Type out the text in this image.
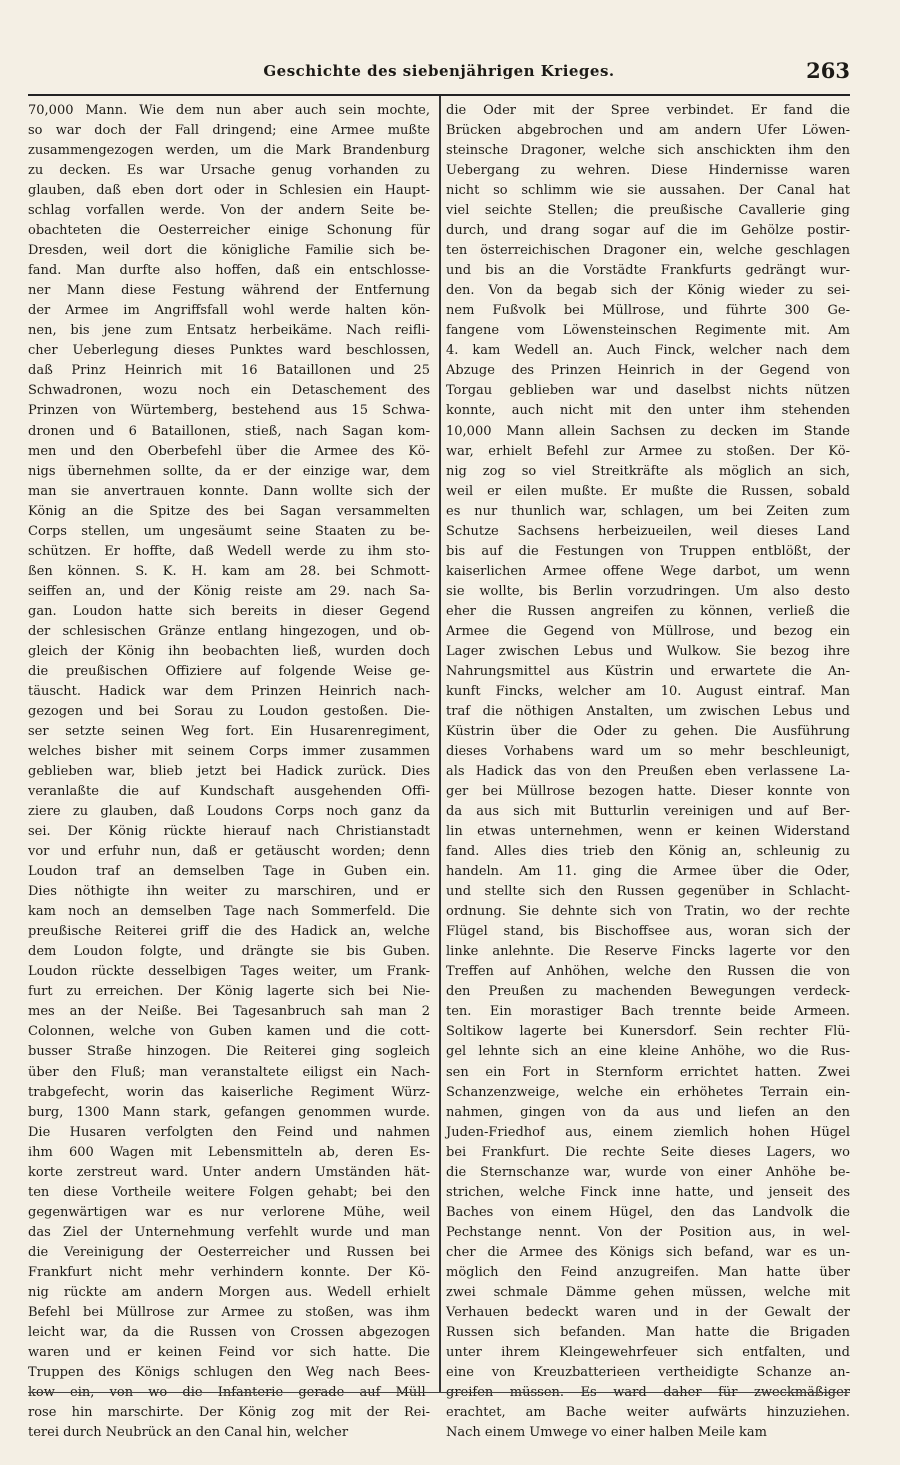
Geschichte des siebenjährigen Krieges.	263
70,000 Mann. Wie dem nun aber auch sein mochte,
so war doch der Fall dringend; eine Armee mußte
zusammengezogen werden, um die Mark Brandenburg
zu decken. Es war Ursache genug vorhanden zu
glauben, daß eben dort oder in Schlesien ein Haupt-
schlag vorfallen werde. Von der andern Seite be-
obachteten die Oesterreicher einige Schonung für
Dresden, weil dort die königliche Familie sich be-
fand. Man durfte also hoffen, daß ein entschlosse-
ner Mann diese Festung während der Entfernung
der Armee im Angriffsfall wohl werde halten kön-
nen, bis jene zum Entsatz herbeikäme. Nach reifli-
cher Ueberlegung dieses Punktes ward beschlossen,
daß Prinz Heinrich mit 16 Bataillonen und 25
Schwadronen, wozu noch ein Detaschement des
Prinzen von Würtemberg, bestehend aus 15 Schwa-
dronen und 6 Bataillonen, stieß, nach Sagan kom-
men und den Oberbefehl über die Armee des Kö-
nigs übernehmen sollte, da er der einzige war, dem
man sie anvertrauen konnte. Dann wollte sich der
König an die Spitze des bei Sagan versammelten
Corps stellen, um ungesäumt seine Staaten zu be-
schützen. Er hoffte, daß Wedell werde zu ihm sto-
ßen können. S. K. H. kam am 28. bei Schmott-
seiffen an, und der König reiste am 29. nach Sa-
gan. Loudon hatte sich bereits in dieser Gegend
der schlesischen Gränze entlang hingezogen, und ob-
gleich der König ihn beobachten ließ, wurden doch
die preußischen Offiziere auf folgende Weise ge-
täuscht. Hadick war dem Prinzen Heinrich nach-
gezogen und bei Sorau zu Loudon gestoßen. Die-
ser setzte seinen Weg fort. Ein Husarenregiment,
welches bisher mit seinem Corps immer zusammen
geblieben war, blieb jetzt bei Hadick zurück. Dies
veranlaßte die auf Kundschaft ausgehenden Offi-
ziere zu glauben, daß Loudons Corps noch ganz da
sei. Der König rückte hierauf nach Christianstadt
vor und erfuhr nun, daß er getäuscht worden; denn
Loudon traf an demselben Tage in Guben ein.
Dies nöthigte ihn weiter zu marschiren, und er
kam noch an demselben Tage nach Sommerfeld. Die
preußische Reiterei griff die des Hadick an, welche
dem Loudon folgte, und drängte sie bis Guben.
Loudon rückte desselbigen Tages weiter, um Frank-
furt zu erreichen. Der König lagerte sich bei Nie-
mes an der Neiße. Bei Tagesanbruch sah man 2
Colonnen, welche von Guben kamen und die cott-
busser Straße hinzogen. Die Reiterei ging sogleich
über den Fluß; man veranstaltete eiligst ein Nach-
trabgefecht, worin das kaiserliche Regiment Würz-
burg, 1300 Mann stark, gefangen genommen wurde.
Die Husaren verfolgten den Feind und nahmen
ihm 600 Wagen mit Lebensmitteln ab, deren Es-
korte zerstreut ward. Unter andern Umständen hät-
ten diese Vortheile weitere Folgen gehabt; bei den
gegenwärtigen war es nur verlorene Mühe, weil
das Ziel der Unternehmung verfehlt wurde und man
die Vereinigung der Oesterreicher und Russen bei
Frankfurt nicht mehr verhindern konnte. Der Kö-
nig rückte am andern Morgen aus. Wedell erhielt
Befehl bei Müllrose zur Armee zu stoßen, was ihm
leicht war, da die Russen von Crossen abgezogen
waren und er keinen Feind vor sich hatte. Die
Truppen des Königs schlugen den Weg nach Bees-
kow ein, von wo die Infanterie gerade auf Müll-
rose hin marschirte. Der König zog mit der Rei-
terei durch Neubrück an den Canal hin, welcher
die Oder mit der Spree verbindet. Er fand die
Brücken abgebrochen und am andern Ufer Löwen-
steinsche Dragoner, welche sich anschickten ihm den
Uebergang zu wehren. Diese Hindernisse waren
nicht so schlimm wie sie aussahen. Der Canal hat
viel seichte Stellen; die preußische Cavallerie ging
durch, und drang sogar auf die im Gehölze postir-
ten österreichischen Dragoner ein, welche geschlagen
und bis an die Vorstädte Frankfurts gedrängt wur-
den. Von da begab sich der König wieder zu sei-
nem Fußvolk bei Müllrose, und führte 300 Ge-
fangene vom Löwensteinschen Regimente mit. Am
4. kam Wedell an. Auch Finck, welcher nach dem
Abzuge des Prinzen Heinrich in der Gegend von
Torgau geblieben war und daselbst nichts nützen
konnte, auch nicht mit den unter ihm stehenden
10,000 Mann allein Sachsen zu decken im Stande
war, erhielt Befehl zur Armee zu stoßen. Der Kö-
nig zog so viel Streitkräfte als möglich an sich,
weil er eilen mußte. Er mußte die Russen, sobald
es nur thunlich war, schlagen, um bei Zeiten zum
Schutze Sachsens herbeizueilen, weil dieses Land
bis auf die Festungen von Truppen entblößt, der
kaiserlichen Armee offene Wege darbot, um wenn
sie wollte, bis Berlin vorzudringen. Um also desto
eher die Russen angreifen zu können, verließ die
Armee die Gegend von Müllrose, und bezog ein
Lager zwischen Lebus und Wulkow. Sie bezog ihre
Nahrungsmittel aus Küstrin und erwartete die An-
kunft Fincks, welcher am 10. August eintraf. Man
traf die nöthigen Anstalten, um zwischen Lebus und
Küstrin über die Oder zu gehen. Die Ausführung
dieses Vorhabens ward um so mehr beschleunigt,
als Hadick das von den Preußen eben verlassene La-
ger bei Müllrose bezogen hatte. Dieser konnte von
da aus sich mit Butturlin vereinigen und auf Ber-
lin etwas unternehmen, wenn er keinen Widerstand
fand. Alles dies trieb den König an, schleunig zu
handeln. Am 11. ging die Armee über die Oder,
und stellte sich den Russen gegenüber in Schlacht-
ordnung. Sie dehnte sich von Tratin, wo der rechte
Flügel stand, bis Bischoffsee aus, woran sich der
linke anlehnte. Die Reserve Fincks lagerte vor den
Treffen auf Anhöhen, welche den Russen die von
den Preußen zu machenden Bewegungen verdeck-
ten. Ein morastiger Bach trennte beide Armeen.
Soltikow lagerte bei Kunersdorf. Sein rechter Flü-
gel lehnte sich an eine kleine Anhöhe, wo die Rus-
sen ein Fort in Sternform errichtet hatten. Zwei
Schanzenzweige, welche ein erhöhetes Terrain ein-
nahmen, gingen von da aus und liefen an den
Juden-Friedhof aus, einem ziemlich hohen Hügel
bei Frankfurt. Die rechte Seite dieses Lagers, wo
die Sternschanze war, wurde von einer Anhöhe be-
strichen, welche Finck inne hatte, und jenseit des
Baches von einem Hügel, den das Landvolk die
Pechstange nennt. Von der Position aus, in wel-
cher die Armee des Königs sich befand, war es un-
möglich den Feind anzugreifen. Man hatte über
zwei schmale Dämme gehen müssen, welche mit
Verhauen bedeckt waren und in der Gewalt der
Russen sich befanden. Man hatte die Brigaden
unter ihrem Kleingewehrfeuer sich entfalten, und
eine von Kreuzbatterieen vertheidigte Schanze an-
greifen müssen. Es ward daher für zweckmäßiger
erachtet, am Bache weiter aufwärts hinzuziehen.
Nach einem Umwege vo einer halben Meile kam
